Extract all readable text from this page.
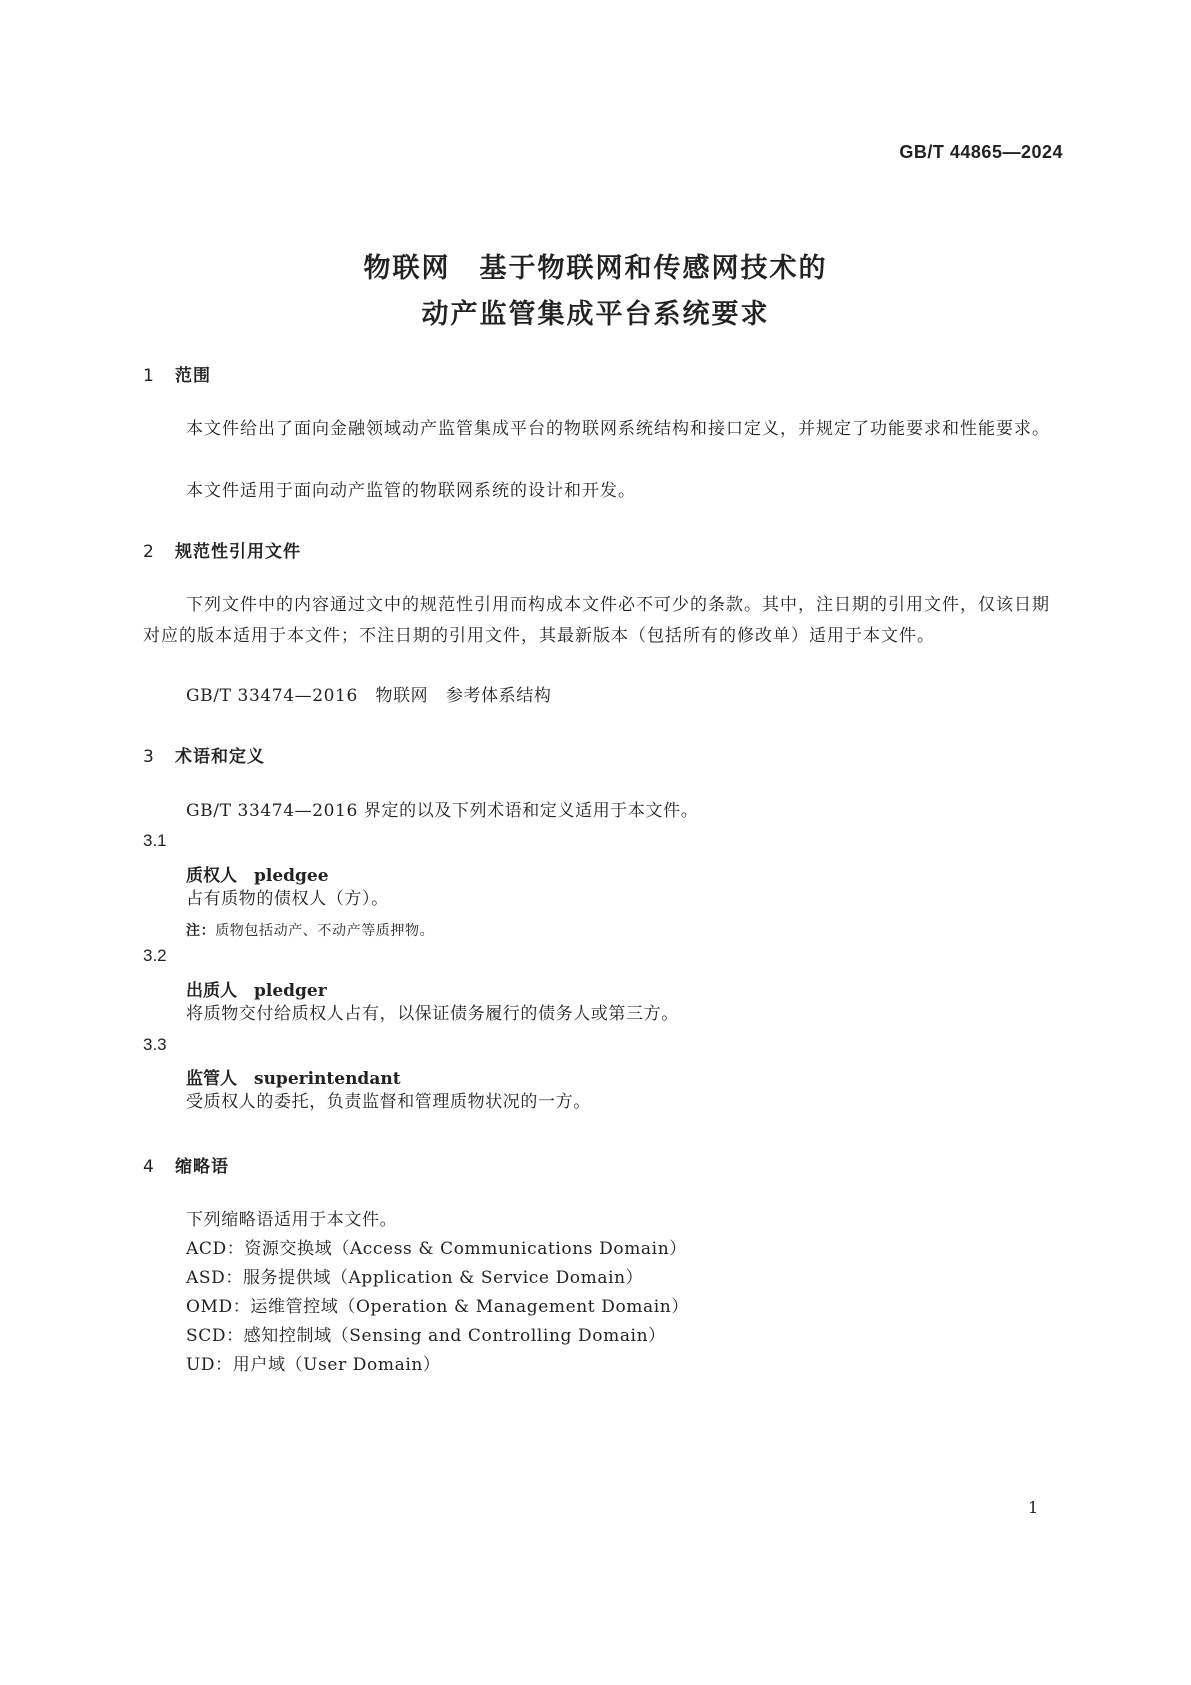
GB/T 44865—2024
物联网　基于物联网和传感网技术的
动产监管集成平台系统要求
1 范围
本文件给出了面向金融领域动产监管集成平台的物联网系统结构和接口定义，并规定了功能要求和性能要求。
本文件适用于面向动产监管的物联网系统的设计和开发。
2 规范性引用文件
下列文件中的内容通过文中的规范性引用而构成本文件必不可少的条款。其中，注日期的引用文件，仅该日期对应的版本适用于本文件；不注日期的引用文件，其最新版本（包括所有的修改单）适用于本文件。
GB/T 33474—2016　物联网　参考体系结构
3 术语和定义
GB/T 33474—2016 界定的以及下列术语和定义适用于本文件。
3.1
质权人　pledgee
占有质物的债权人（方）。
注：质物包括动产、不动产等质押物。
3.2
出质人　pledger
将质物交付给质权人占有，以保证债务履行的债务人或第三方。
3.3
监管人　superintendant
受质权人的委托，负责监督和管理质物状况的一方。
4 缩略语
下列缩略语适用于本文件。
ACD：资源交换域（Access & Communications Domain）
ASD：服务提供域（Application & Service Domain）
OMD：运维管控域（Operation & Management Domain）
SCD：感知控制域（Sensing and Controlling Domain）
UD：用户域（User Domain）
1
